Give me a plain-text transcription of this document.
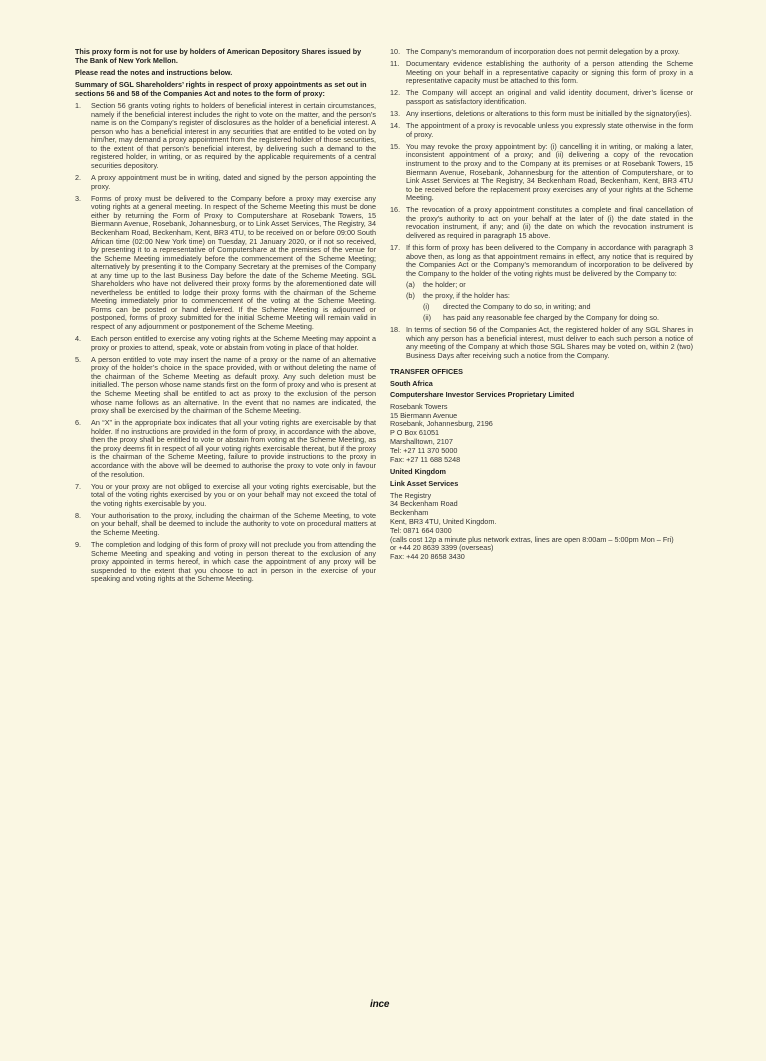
This proxy form is not for use by holders of American Depository Shares issued by The Bank of New York Mellon.

Please read the notes and instructions below.

Summary of SGL Shareholders’ rights in respect of proxy appointments as set out in sections 56 and 58 of the Companies Act and notes to the form of proxy:

1.	Section 56 grants voting rights to holders of beneficial interest in certain circumstances, namely if the beneficial interest includes the right to vote on the matter, and the person’s name is on the Company’s register of disclosures as the holder of a beneficial interest. A person who has a beneficial interest in any securities that are entitled to be voted on by him/her, may demand a proxy appointment from the registered holder of those securities, to the extent of that person’s beneficial interest, by delivering such a demand to the registered holder, in writing, or as required by the applicable requirements of a central securities depository.
2.	A proxy appointment must be in writing, dated and signed by the person appointing the proxy.
3.	Forms of proxy must be delivered to the Company before a proxy may exercise any voting rights at a general meeting. In respect of the Scheme Meeting this must be done either by returning the Form of Proxy to Computershare at Rosebank Towers, 15 Biermann Avenue, Rosebank, Johannesburg, or to Link Asset Services, The Registry, 34 Beckenham Road, Beckenham, Kent, BR3 4TU, to be received on or before 09:00 South African time (02:00 New York time) on Tuesday, 21 January 2020, or if not so received, by presenting it to a representative of Computershare at the premises of the venue for the Scheme Meeting immediately before the commencement of the Scheme Meeting; alternatively by presenting it to the Company Secretary at the premises of the Company at any time up to the last Business Day before the date of the Scheme Meeting. SGL Shareholders who have not delivered their proxy forms by the aforementioned date will nevertheless be entitled to lodge their proxy forms with the chairman of the Scheme Meeting immediately prior to commencement of the voting at the Scheme Meeting. Forms can be posted or hand delivered. If the Scheme Meeting is adjourned or postponed, forms of proxy submitted for the initial Scheme Meeting will remain valid in respect of any adjournment or postponement of the Scheme Meeting.
4.	Each person entitled to exercise any voting rights at the Scheme Meeting may appoint a proxy or proxies to attend, speak, vote or abstain from voting in place of that holder.
5.	A person entitled to vote may insert the name of a proxy or the name of an alternative proxy of the holder’s choice in the space provided, with or without deleting the name of the chairman of the Scheme Meeting as default proxy. Any such deletion must be initialled. The person whose name stands first on the form of proxy and who is present at the Scheme Meeting shall be entitled to act as proxy to the exclusion of the person whose name follows as an alternative. In the event that no names are indicated, the proxy shall be exercised by the chairman of the Scheme Meeting.
6.	An “X” in the appropriate box indicates that all your voting rights are exercisable by that holder. If no instructions are provided in the form of proxy, in accordance with the above, then the proxy shall be entitled to vote or abstain from voting at the Scheme Meeting, as the proxy deems fit in respect of all your voting rights exercisable thereat, but if the proxy is the chairman of the Scheme Meeting, failure to provide instructions to the proxy in accordance with the above will be deemed to authorise the proxy to vote only in favour of the resolution.
7.	You or your proxy are not obliged to exercise all your voting rights exercisable, but the total of the voting rights exercised by you or on your behalf may not exceed the total of the voting rights exercisable by you.
8.	Your authorisation to the proxy, including the chairman of the Scheme Meeting, to vote on your behalf, shall be deemed to include the authority to vote on procedural matters at the Scheme Meeting.
9.	The completion and lodging of this form of proxy will not preclude you from attending the Scheme Meeting and speaking and voting in person thereat to the exclusion of any proxy appointed in terms hereof, in which case the appointment of any proxy will be suspended to the extent that you choose to act in person in the exercise of your speaking and voting rights at the Scheme Meeting.
10. The Company’s memorandum of incorporation does not permit delegation by a proxy.
11. Documentary evidence establishing the authority of a person attending the Scheme Meeting on your behalf in a representative capacity or signing this form of proxy in a representative capacity must be attached to this form.
12. The Company will accept an original and valid identity document, driver’s license or passport as satisfactory identification.
13. Any insertions, deletions or alterations to this form must be initialled by the signatory(ies).
14. The appointment of a proxy is revocable unless you expressly state otherwise in the form of proxy.
15. You may revoke the proxy appointment by: (i) cancelling it in writing, or making a later, inconsistent appointment of a proxy; and (ii) delivering a copy of the revocation instrument to the proxy and to the Company at its premises or at Rosebank Towers, 15 Biermann Avenue, Rosebank, Johannesburg for the attention of Computershare, or to Link Asset Services at The Registry, 34 Beckenham Road, Beckenham, Kent, BR3 4TU to be received before the replacement proxy exercises any of your rights at the Scheme Meeting.
16. The revocation of a proxy appointment constitutes a complete and final cancellation of the proxy’s authority to act on your behalf at the later of (i) the date stated in the revocation instrument, if any; and (ii) the date on which the revocation instrument is delivered as required in paragraph 15 above.
17. If this form of proxy has been delivered to the Company in accordance with paragraph 3 above then, as long as that appointment remains in effect, any notice that is required by the Companies Act or the Company’s memorandum of incorporation to be delivered by the Company to the holder of the voting rights must be delivered by the Company to:
(a)	the holder; or
(b)	the proxy, if the holder has:
(i)	directed the Company to do so, in writing; and
(ii)	has paid any reasonable fee charged by the Company for doing so.
18. In terms of section 56 of the Companies Act, the registered holder of any SGL Shares in which any person has a beneficial interest, must deliver to each such person a notice of any meeting of the Company at which those SGL Shares may be voted on, within 2 (two) Business Days after receiving such a notice from the Company.

TRANSFER OFFICES

South Africa

Computershare Investor Services Proprietary Limited

Rosebank Towers
15 Biermann Avenue
Rosebank, Johannesburg, 2196
P O Box 61051
Marshalltown, 2107
Tel: +27 11 370 5000
Fax: +27 11 688 5248

United Kingdom

Link Asset Services

The Registry
34 Beckenham Road
Beckenham
Kent, BR3 4TU, United Kingdom.
Tel: 0871 664 0300
(calls cost 12p a minute plus network extras, lines are open 8:00am – 5:00pm Mon – Fri)
or +44 20 8639 3399 (overseas)
Fax: +44 20 8658 3430
ince
